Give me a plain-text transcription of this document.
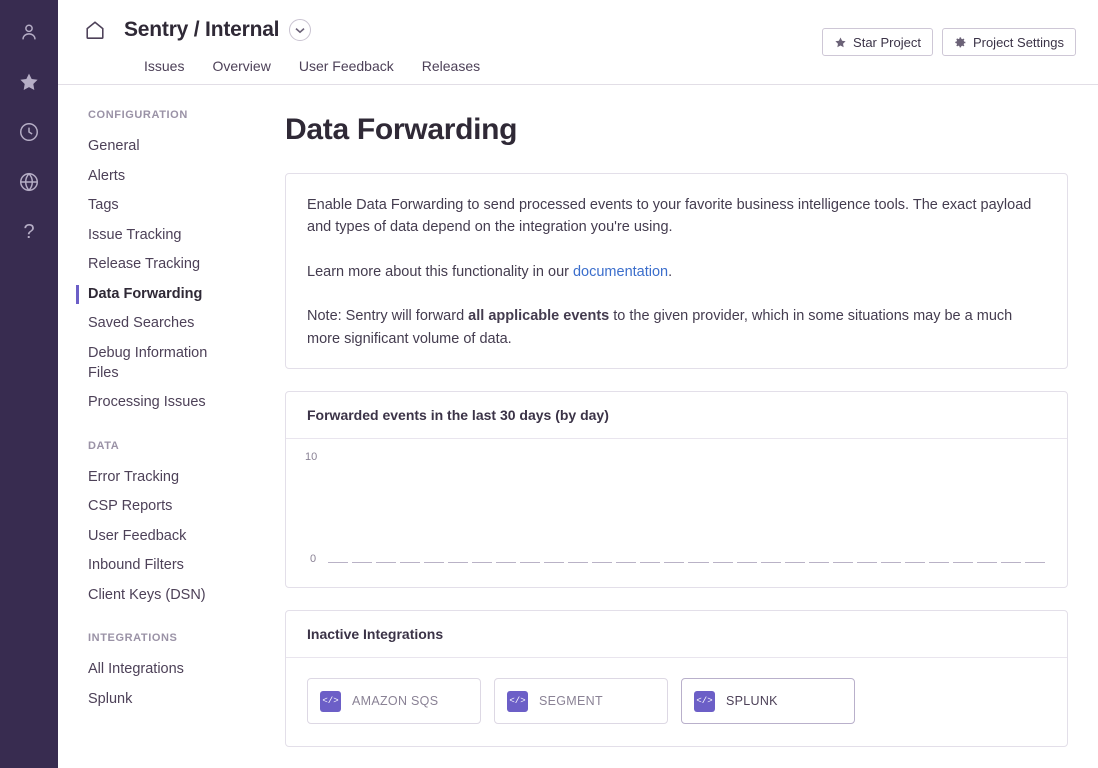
?
Sentry / Internal
Star Project	Project Settings
Issues Overview User Feedback Releases
CONFIGURATION
General
Alerts
Tags
Issue Tracking
Release Tracking
Data Forwarding
Saved Searches
Debug Information Files
Processing Issues
DATA
Error Tracking
CSP Reports
User Feedback
Inbound Filters
Client Keys (DSN)
INTEGRATIONS
All Integrations
Splunk
Data Forwarding

Enable Data Forwarding to send processed events to your favorite business intelligence tools. The exact payload and types of data depend on the integration you're using.

Learn more about this functionality in our documentation.

Note: Sentry will forward all applicable events to the given provider, which in some situations may be a much more significant volume of data.

Forwarded events in the last 30 days (by day)
10
0
Inactive Integrations
</> AMAZON SQS	</> SEGMENT	</> SPLUNK
